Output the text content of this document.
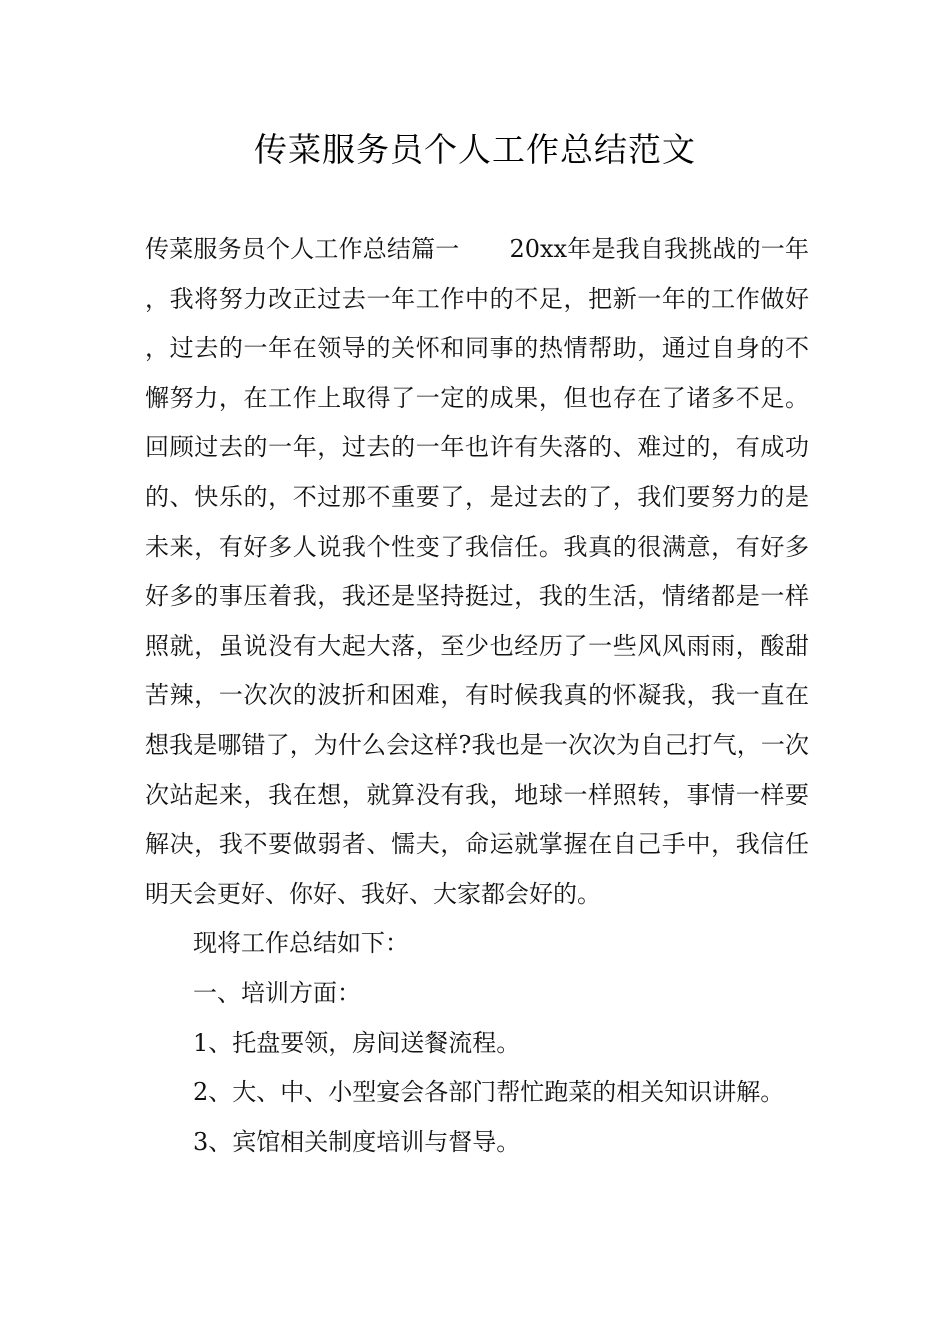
传菜服务员个人工作总结范文

传菜服务员个人工作总结篇一 20xx年是我自我挑战的一年，我将努力改正过去一年工作中的不足，把新一年的工作做好，过去的一年在领导的关怀和同事的热情帮助，通过自身的不懈努力，在工作上取得了一定的成果，但也存在了诸多不足。回顾过去的一年，过去的一年也许有失落的、难过的，有成功的、快乐的，不过那不重要了，是过去的了，我们要努力的是未来，有好多人说我个性变了我信任。我真的很满意，有好多好多的事压着我，我还是坚持挺过，我的生活，情绪都是一样照就，虽说没有大起大落，至少也经历了一些风风雨雨，酸甜苦辣，一次次的波折和困难，有时候我真的怀凝我，我一直在想我是哪错了，为什么会这样?我也是一次次为自己打气，一次次站起来，我在想，就算没有我，地球一样照转，事情一样要解决，我不要做弱者、懦夫，命运就掌握在自己手中，我信任明天会更好、你好、我好、大家都会好的。

现将工作总结如下：

一、培训方面：

1、托盘要领，房间送餐流程。

2、大、中、小型宴会各部门帮忙跑菜的相关知识讲解。

3、宾馆相关制度培训与督导。
